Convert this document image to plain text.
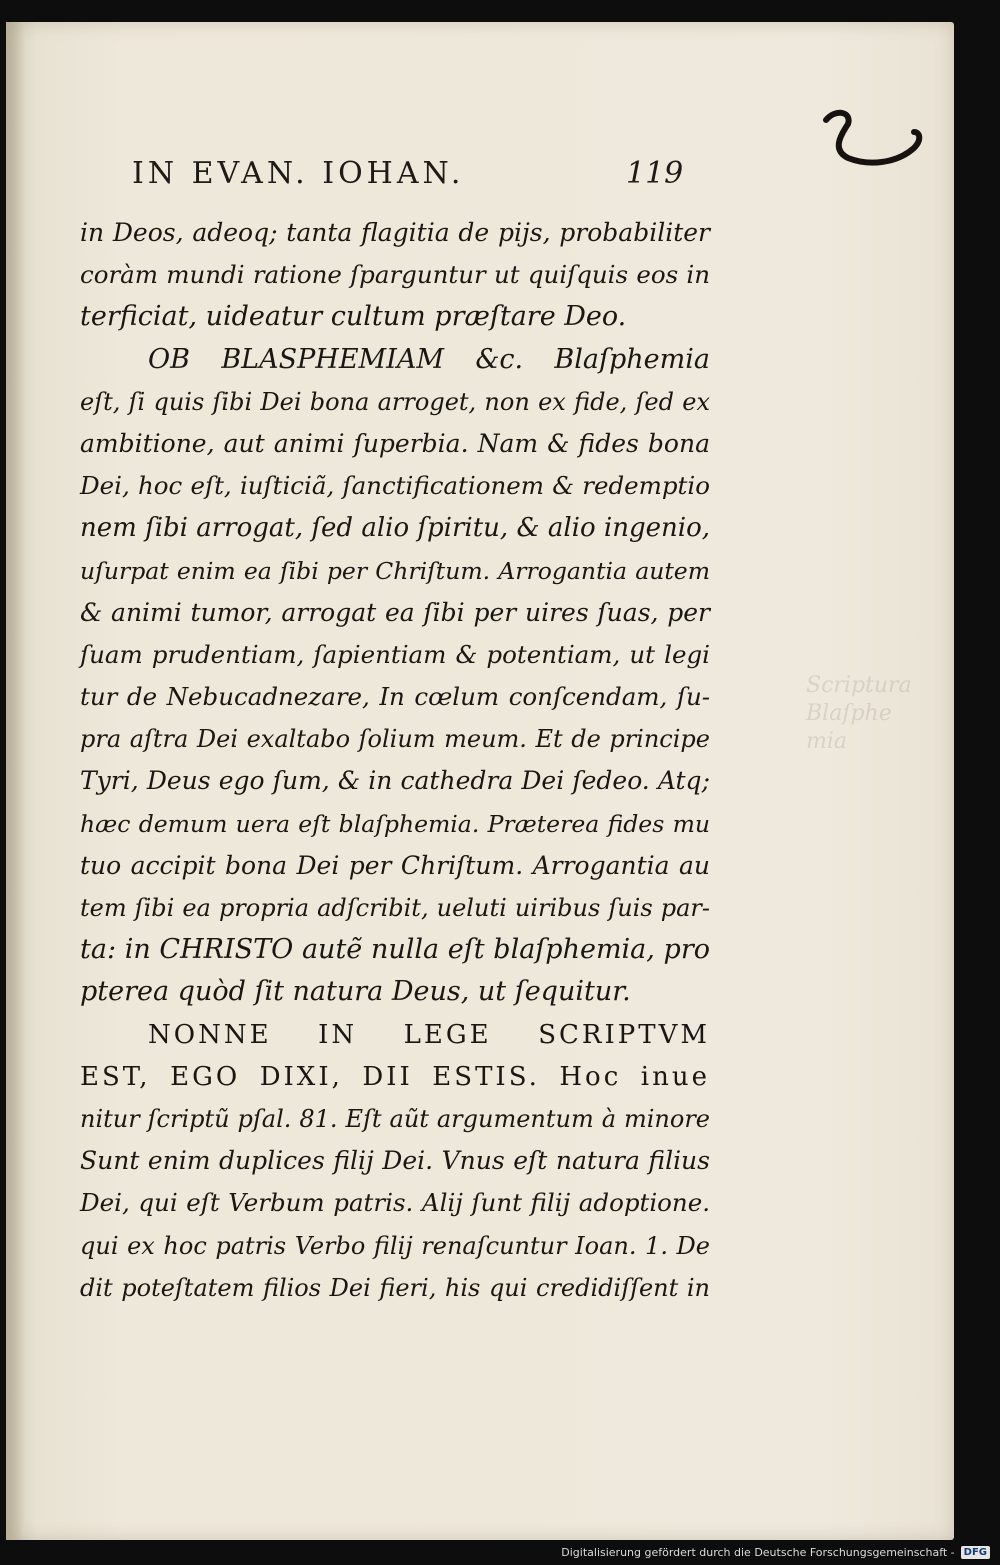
Scriptura
Blaſphe
mia
IN EVAN. IOHAN.	119
in Deos, adeoq; tanta flagitia de pijs, probabiliter
coràm mundi ratione ſparguntur ut quiſquis eos in
terficiat, uideatur cultum præſtare Deo.
OB BLASPHEMIAM &c. Blaſphemia
eſt, ſi quis ſibi Dei bona arroget, non ex fide, ſed ex
ambitione, aut animi ſuperbia. Nam & fides bona
Dei, hoc eſt, iuſticiã, ſanctificationem & redemptio
nem ſibi arrogat, ſed alio ſpiritu, & alio ingenio,
uſurpat enim ea ſibi per Chriſtum. Arrogantia autem
& animi tumor, arrogat ea ſibi per uires ſuas, per
ſuam prudentiam, ſapientiam & potentiam, ut legi
tur de Nebucadnezare, In cœlum conſcendam, ſu-
pra aſtra Dei exaltabo ſolium meum. Et de principe
Tyri, Deus ego ſum, & in cathedra Dei ſedeo. Atq;
hæc demum uera eſt blaſphemia. Præterea fides mu
tuo accipit bona Dei per Chriſtum. Arrogantia au
tem ſibi ea propria adſcribit, ueluti uiribus ſuis par-
ta: in CHRISTO autẽ nulla eſt blaſphemia, pro
pterea quòd ſit natura Deus, ut ſequitur.
NONNE IN LEGE SCRIPTVM
EST, EGO DIXI, DII ESTIS. Hoc inue
nitur ſcriptũ pſal. 81. Eſt aũt argumentum à minore
Sunt enim duplices filij Dei. Vnus eſt natura filius
Dei, qui eſt Verbum patris. Alij ſunt filij adoptione.
qui ex hoc patris Verbo filij renaſcuntur Ioan. 1. De
dit poteſtatem filios Dei fieri, his qui credidiſſent in
Digitalisierung gefördert durch die Deutsche Forschungsgemeinschaft - DFG
